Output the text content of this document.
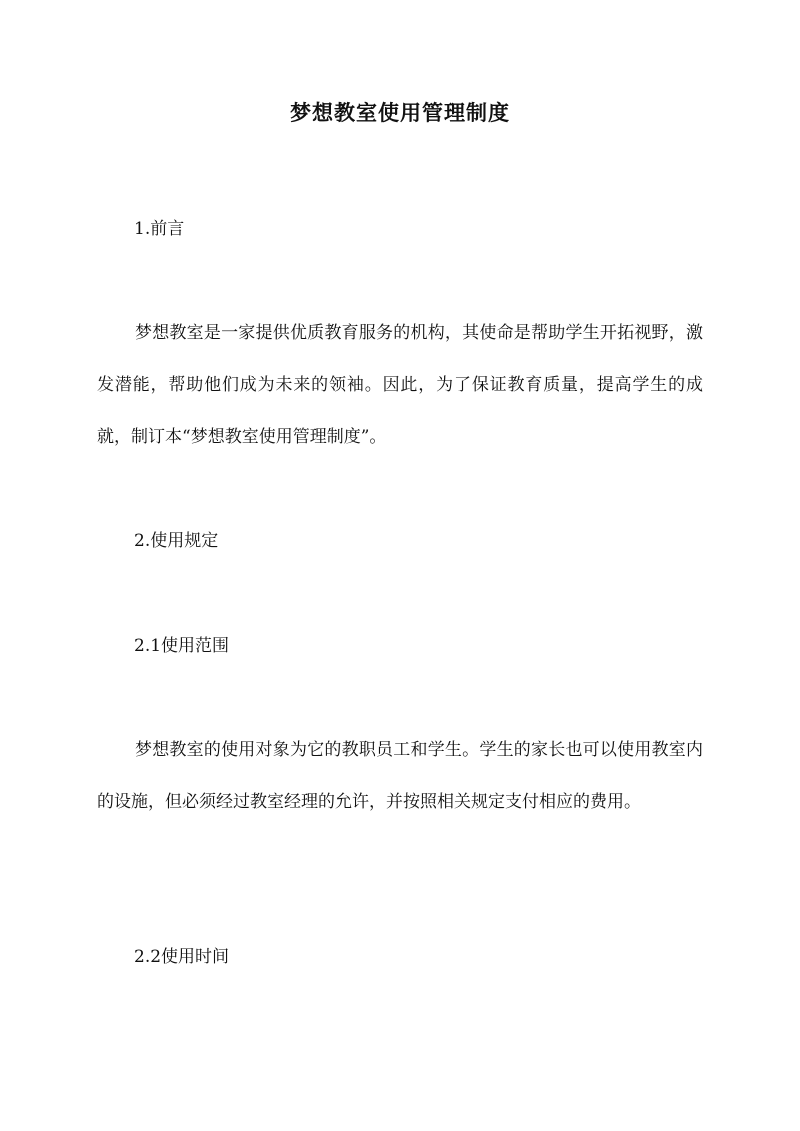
梦想教室使用管理制度
1.前言
梦想教室是一家提供优质教育服务的机构，其使命是帮助学生开拓视野，激发潜能，帮助他们成为未来的领袖。因此，为了保证教育质量，提高学生的成就，制订本“梦想教室使用管理制度”。
2.使用规定
2.1使用范围
梦想教室的使用对象为它的教职员工和学生。学生的家长也可以使用教室内的设施，但必须经过教室经理的允许，并按照相关规定支付相应的费用。
2.2使用时间
